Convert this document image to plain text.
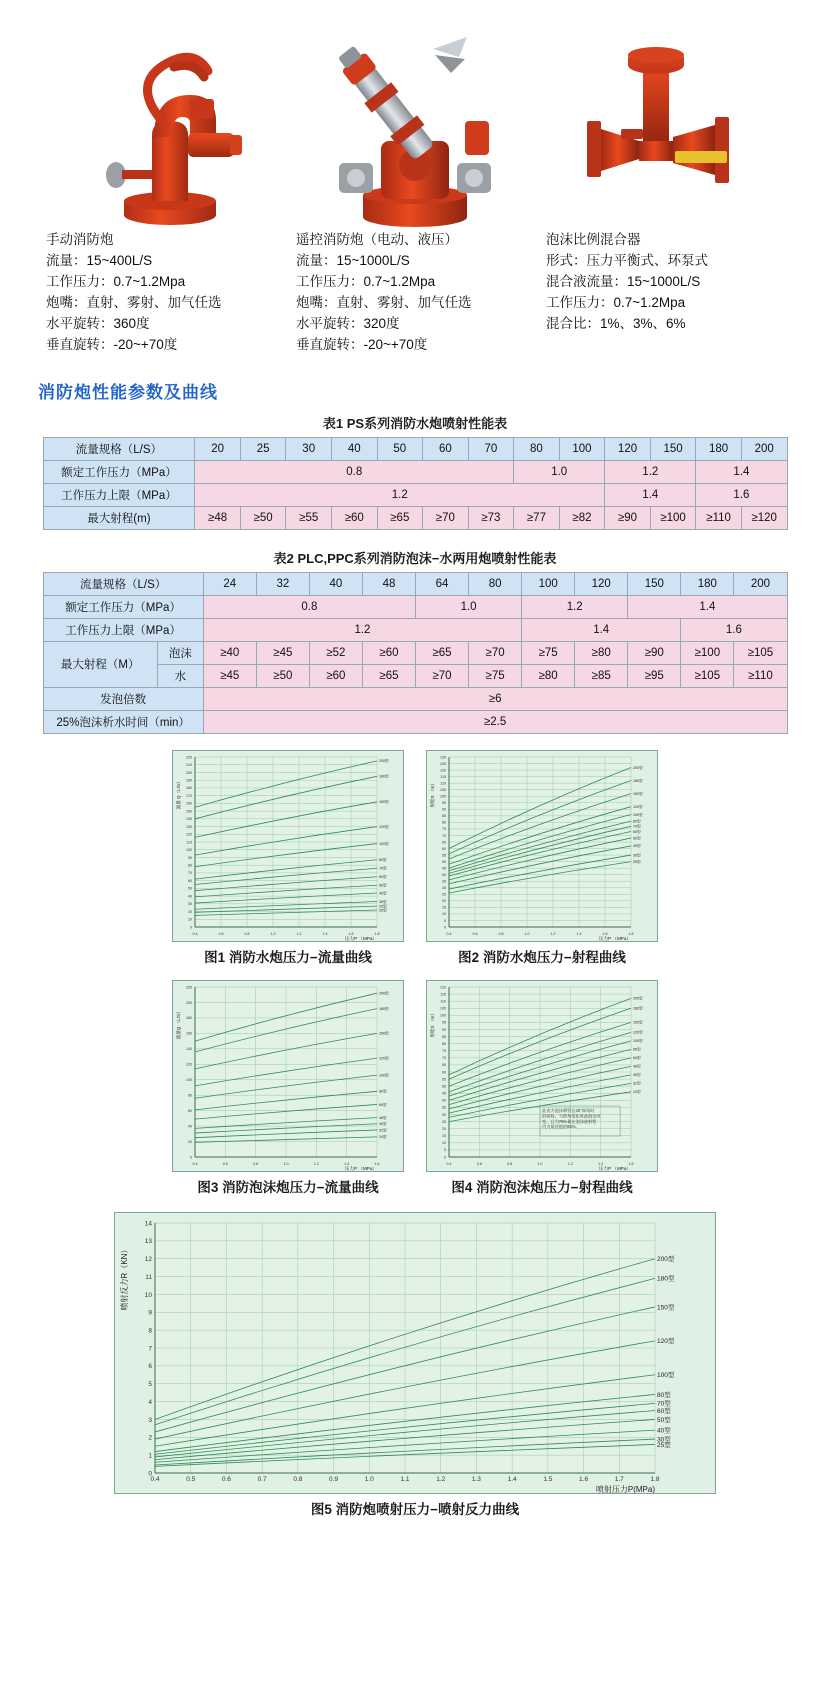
手动消防炮
流量：15~400L/S
工作压力：0.7~1.2Mpa
炮嘴：直射、雾射、加气任选
水平旋转：360度
垂直旋转：-20~+70度
遥控消防炮（电动、液压）
流量：15~1000L/S
工作压力：0.7~1.2Mpa
炮嘴：直射、雾射、加气任选
水平旋转：320度
垂直旋转：-20~+70度
泡沫比例混合器
形式：压力平衡式、环泵式
混合液流量：15~1000L/S
工作压力：0.7~1.2Mpa
混合比：1%、3%、6%
消防炮性能参数及曲线
表1 PS系列消防水炮喷射性能表
流量规格（L/S）	20	25	30	40	50	60	70	80	100	120	150	180	200
额定工作压力（MPa）	0.8							1.0		1.2		1.4	
工作压力上限（MPa）	1.2									1.4		1.6	
最大射程(m)	≥48	≥50	≥55	≥60	≥65	≥70	≥73	≥77	≥82	≥90	≥100	≥110	≥120
表2 PLC,PPC系列消防泡沫−水两用炮喷射性能表
流量规格（L/S）		24	32	40	48	64	80	100	120	150	180	200
额定工作压力（MPa）		0.8				1.0		1.2		1.4		
工作压力上限（MPa）		1.2						1.4			1.6	
最大射程（M）	泡沫	≥40	≥45	≥52	≥60	≥65	≥70	≥75	≥80	≥90	≥100	≥105
	水	≥45	≥50	≥60	≥65	≥70	≥75	≥80	≥85	≥95	≥105	≥110
发泡倍数		≥6										
25%泡沫析水时间（min）		≥2.5										
0.4	0.6	0.8	1.0	1.2	1.4	1.6	1.8
0
10
20
30
40
50
60
70
80
90
100
110
120
130
140
150
160
170
180
190
200
210
220
200型
180型
150型
120型
100型
80型
70型
60型
50型
40型
30型
25型
20型
压力P （MPa）
流量 Q（L/S）
图1 消防水炮压力−流量曲线
0.4	0.6	0.8	1.0	1.2	1.4	1.6	1.8
0
5
10
15
20
25
30
35
40
45
50
55
60
65
70
75
80
85
90
95
100
105
110
115
120
125
130
200型
180型
150型
120型
100型
80型
70型
60型
50型
40型
30型
25型
压力P （MPa）
射程S （m）
图2 消防水炮压力−射程曲线
0.4	0.6	0.8	1.0	1.2	1.4	1.6
0
20
40
60
80
100
120
140
160
180
200
220
200型
180型
150型
120型
100型
80型
64型
48型
40型
32型
24型
压力P （MPa）
流量Q （L/S）
图3 消防泡沫炮压力−流量曲线
0.4	0.6	0.8	1.0	1.2	1.4	1.6
0
5
10
15
20
25
30
35
40
45
50
55
60
65
70
75
80
85
90
95
100
105
110
115
120
200型
180型
150型
120型
100型
80型
64型
48型
40型
32型
24型
压力P （MPa）
射程S （m）
此表为泡沫喷管在30°仰角时
的射程，当仰角变化时此值会改
变，且为75%量在泡沫液射程
内为最佳值的85%。
图4 消防泡沫炮压力−射程曲线
0.4	0.5	0.6	0.7	0.8	0.9	1.0	1.1	1.2	1.3	1.4	1.5	1.6	1.7	1.8
0
1
2
3
4
5
6
7
8
9
10
11
12
13
14
200型
180型
150型
120型
100型
80型
70型
60型
50型
40型
30型
25型
喷射压力P(MPa)
喷射反力R（KN）
图5 消防炮喷射压力−喷射反力曲线
